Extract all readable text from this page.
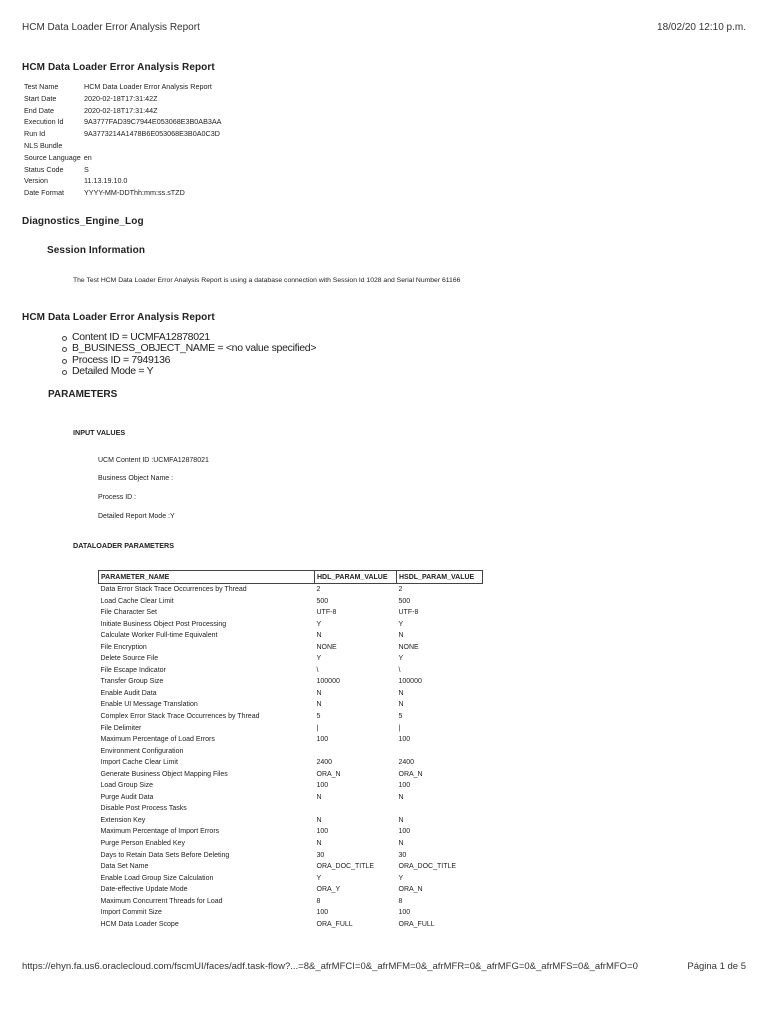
HCM Data Loader Error Analysis Report	18/02/20 12:10 p.m.
HCM Data Loader Error Analysis Report
Test Name	HCM Data Loader Error Analysis Report
Start Date	2020-02-18T17:31:42Z
End Date	2020-02-18T17:31:44Z
Execution Id	9A3777FAD39C7944E053068E3B0AB3AA
Run Id	9A3773214A1478B6E053068E3B0A0C3D
NLS Bundle
Source Language en
Status Code	S
Version	11.13.19.10.0
Date Format	YYYY-MM-DDThh:mm:ss.sTZD
Diagnostics_Engine_Log
Session Information
The Test HCM Data Loader Error Analysis Report is using a database connection with Session Id 1028 and Serial Number 61166
HCM Data Loader Error Analysis Report
Content ID = UCMFA12878021
B_BUSINESS_OBJECT_NAME = <no value specified>
Process ID = 7949136
Detailed Mode = Y
PARAMETERS
INPUT VALUES
UCM Content ID :UCMFA12878021
Business Object Name :
Process ID :
Detailed Report Mode :Y
DATALOADER PARAMETERS
PARAMETER_NAME	HDL_PARAM_VALUE	HSDL_PARAM_VALUE
Data Error Stack Trace Occurrences by Thread	2	2
Load Cache Clear Limit	500	500
File Character Set	UTF-8	UTF-8
Initiate Business Object Post Processing	Y	Y
Calculate Worker Full-time Equivalent	N	N
File Encryption	NONE	NONE
Delete Source File	Y	Y
File Escape Indicator	\	\
Transfer Group Size	100000	100000
Enable Audit Data	N	N
Enable UI Message Translation	N	N
Complex Error Stack Trace Occurrences by Thread	5	5
File Delimiter	|	|
Maximum Percentage of Load Errors	100	100
Environment Configuration		
Import Cache Clear Limit	2400	2400
Generate Business Object Mapping Files	ORA_N	ORA_N
Load Group Size	100	100
Purge Audit Data	N	N
Disable Post Process Tasks		
Extension Key	N	N
Maximum Percentage of Import Errors	100	100
Purge Person Enabled Key	N	N
Days to Retain Data Sets Before Deleting	30	30
Data Set Name	ORA_DOC_TITLE	ORA_DOC_TITLE
Enable Load Group Size Calculation	Y	Y
Date-effective Update Mode	ORA_Y	ORA_N
Maximum Concurrent Threads for Load	8	8
Import Commit Size	100	100
HCM Data Loader Scope	ORA_FULL	ORA_FULL
https://ehyn.fa.us6.oraclecloud.com/fscmUI/faces/adf.task-flow?...=8&_afrMFCI=0&_afrMFM=0&_afrMFR=0&_afrMFG=0&_afrMFS=0&_afrMFO=0	Página 1 de 5
